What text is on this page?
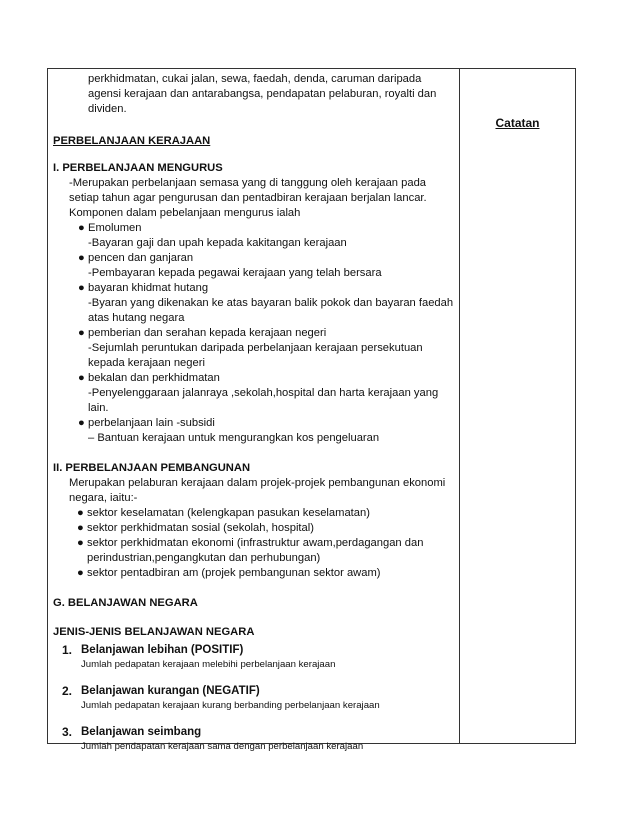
Catatan

perkhidmatan, cukai jalan, sewa, faedah, denda, caruman daripada agensi kerajaan dan antarabangsa, pendapatan pelaburan, royalti dan dividen.

PERBELANJAAN KERAJAAN

I. PERBELANJAAN MENGURUS

-Merupakan perbelanjaan semasa yang di tanggung oleh kerajaan pada setiap tahun agar pengurusan dan pentadbiran kerajaan berjalan lancar.

Komponen dalam pebelanjaan mengurus ialah

● Emolumen
-Bayaran gaji dan upah kepada kakitangan kerajaan
● pencen dan ganjaran
-Pembayaran kepada pegawai kerajaan yang telah bersara
● bayaran khidmat hutang
-Byaran yang dikenakan ke atas bayaran balik pokok dan bayaran faedah atas hutang negara
● pemberian dan serahan kepada kerajaan negeri
-Sejumlah peruntukan daripada perbelanjaan kerajaan persekutuan kepada kerajaan negeri
● bekalan dan perkhidmatan
-Penyelenggaraan jalanraya ,sekolah,hospital dan harta kerajaan yang lain.
● perbelanjaan lain -subsidi
– Bantuan kerajaan untuk mengurangkan kos pengeluaran

II. PERBELANJAAN PEMBANGUNAN

Merupakan pelaburan kerajaan dalam projek-projek pembangunan ekonomi negara, iaitu:-

● sektor keselamatan (kelengkapan pasukan keselamatan)
● sektor perkhidmatan sosial (sekolah, hospital)
● sektor perkhidmatan ekonomi (infrastruktur awam,perdagangan dan perindustrian,pengangkutan dan perhubungan)
● sektor pentadbiran am (projek pembangunan sektor awam)

G. BELANJAWAN NEGARA

JENIS-JENIS BELANJAWAN NEGARA

1. Belanjawan lebihan (POSITIF)
Jumlah pedapatan kerajaan melebihi perbelanjaan kerajaan
2. Belanjawan kurangan (NEGATIF)
Jumlah pedapatan kerajaan kurang berbanding perbelanjaan kerajaan
3. Belanjawan seimbang
Jumlah pendapatan kerajaan sama dengan perbelanjaan kerajaan
